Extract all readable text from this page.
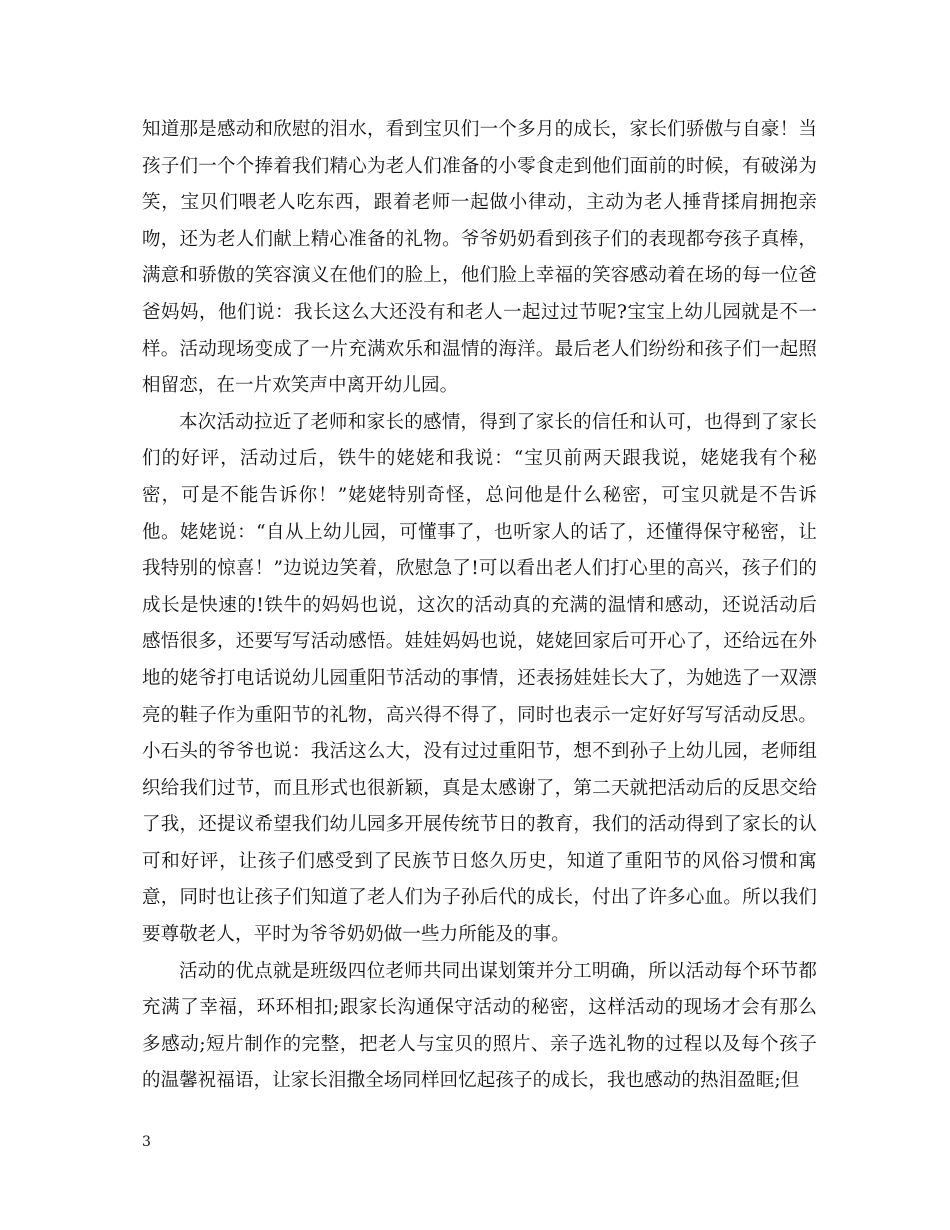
知道那是感动和欣慰的泪水，看到宝贝们一个多月的成长，家长们骄傲与自豪！当孩子们一个个捧着我们精心为老人们准备的小零食走到他们面前的时候，有破涕为笑，宝贝们喂老人吃东西，跟着老师一起做小律动，主动为老人捶背揉肩拥抱亲吻，还为老人们献上精心准备的礼物。爷爷奶奶看到孩子们的表现都夸孩子真棒，满意和骄傲的笑容演义在他们的脸上，他们脸上幸福的笑容感动着在场的每一位爸爸妈妈，他们说：我长这么大还没有和老人一起过过节呢?宝宝上幼儿园就是不一样。活动现场变成了一片充满欢乐和温情的海洋。最后老人们纷纷和孩子们一起照相留恋，在一片欢笑声中离开幼儿园。

本次活动拉近了老师和家长的感情，得到了家长的信任和认可，也得到了家长们的好评，活动过后，铁牛的姥姥和我说：“宝贝前两天跟我说，姥姥我有个秘密，可是不能告诉你！”姥姥特别奇怪，总问他是什么秘密，可宝贝就是不告诉他。姥姥说：“自从上幼儿园，可懂事了，也听家人的话了，还懂得保守秘密，让我特别的惊喜！”边说边笑着，欣慰急了!可以看出老人们打心里的高兴，孩子们的成长是快速的!铁牛的妈妈也说，这次的活动真的充满的温情和感动，还说活动后感悟很多，还要写写活动感悟。娃娃妈妈也说，姥姥回家后可开心了，还给远在外地的姥爷打电话说幼儿园重阳节活动的事情，还表扬娃娃长大了，为她选了一双漂亮的鞋子作为重阳节的礼物，高兴得不得了，同时也表示一定好好写写活动反思。小石头的爷爷也说：我活这么大，没有过过重阳节，想不到孙子上幼儿园，老师组织给我们过节，而且形式也很新颖，真是太感谢了，第二天就把活动后的反思交给了我，还提议希望我们幼儿园多开展传统节日的教育，我们的活动得到了家长的认可和好评，让孩子们感受到了民族节日悠久历史，知道了重阳节的风俗习惯和寓意，同时也让孩子们知道了老人们为子孙后代的成长，付出了许多心血。所以我们要尊敬老人，平时为爷爷奶奶做一些力所能及的事。

活动的优点就是班级四位老师共同出谋划策并分工明确，所以活动每个环节都充满了幸福，环环相扣;跟家长沟通保守活动的秘密，这样活动的现场才会有那么多感动;短片制作的完整，把老人与宝贝的照片、亲子选礼物的过程以及每个孩子的温馨祝福语，让家长泪撒全场同样回忆起孩子的成长，我也感动的热泪盈眶;但

3
